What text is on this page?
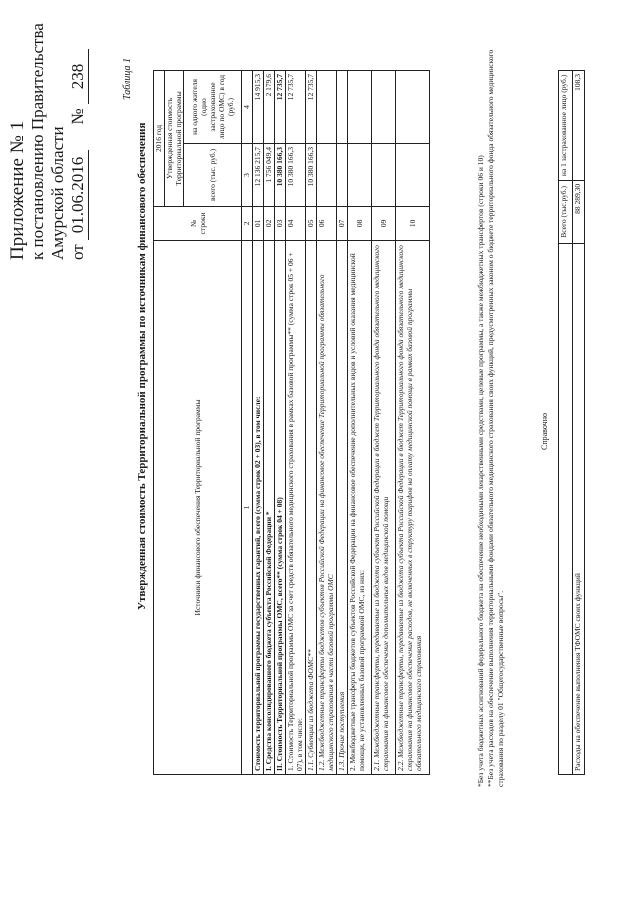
Приложение № 1 к постановлению Правительства Амурской области от 01.06.2016      № 238	Таблица 1
Утвержденная стоимость Территориальной программы по источникам финансового обеспечения	Источники финансового обеспечения Территориальной программы	№ строки	2016 год	
		Утвержденная стоимость Территориальной программы	
		всего (тыс. руб.)	на одного жителя (одно застрахованное лицо по ОМС) в год (руб.)
1	2	3	4
Стоимость территориальной программы государственных гарантий, всего (сумма строк 02 + 03), в том числе:	01	12 136 215,7	14 915,3
I. Средства консолидированного бюджета субъекта Российской Федерации *	02	1 756 049,4	2 179,6
II. Стоимость Территориальной программы ОМС, всего** (сумма строк 04 + 08)	03	10 380 166,3	12 735,7
1. Стоимость Территориальной программы ОМС за счет средств обязательного медицинского страхования в рамках базовой программы** (сумма строк 05 + 06 + 07), в том числе:	04	10 380 166,3	12 735,7
1.1. Субвенции из бюджета ФОМС**	05	10 380 166,3	12 735,7
1.2. Межбюджетные трансферты бюджетов субъектов Российской Федерации на финансовое обеспечение Территориальной программы обязательного медицинского страхования в части базовой программы ОМС	06		
1.3. Прочие поступления	07		
2. Межбюджетные трансферты бюджетов субъектов Российской Федерации на финансовое обеспечение дополнительных видов и условий оказания медицинской помощи, не установленных базовой программой ОМС, из них:	08		
2.1. Межбюджетные трансферты, передаваемые из бюджета субъекта Российской Федерации в бюджет Территориального фонда обязательного медицинского страхования на финансовое обеспечение дополнительных видов медицинской помощи	09		
2.2. Межбюджетные трансферты, передаваемые из бюджета субъекта Российской Федерации в бюджет Территориального фонда обязательного медицинского страхования на финансовое обеспечение расходов, не включенных в структуру тарифов на оплату медицинской помощи в рамках базовой программы обязательного медицинского страхования	10			*Без учета бюджетных ассигнований федерального бюджета на обеспечение необходимыми лекарственными средствами, целевые программы, а также межбюджетных трансфертов (строки 06 и 10) **Без учета расходов на обеспечение выполнения территориальными фондами обязательного медицинского страхования своих функций, предусмотренных законом о бюджете территориального фонда обязательного медицинского страхования по разделу 01 "Общегосударственные вопросы".
Справочно
	Всего (тыс.руб.)	на 1 застрахованное лицо (руб.)
Расходы на обеспечение выполнения ТФОМС своих функций	88 289,30	108,3
